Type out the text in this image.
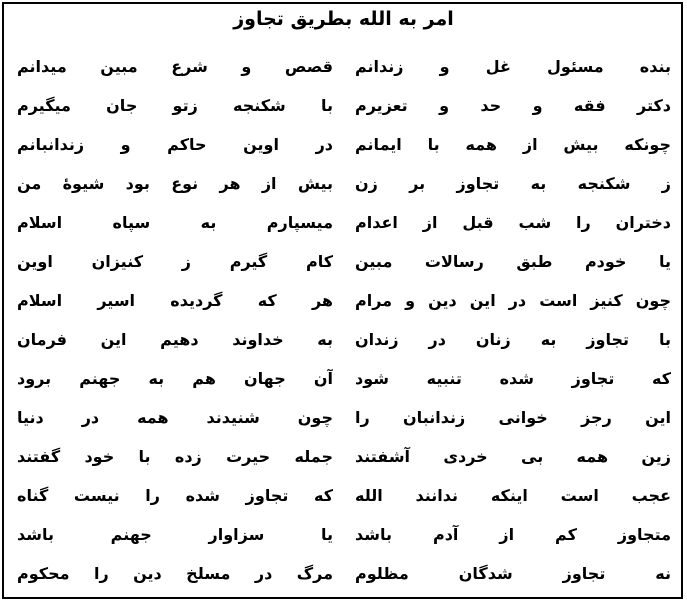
امر به الله بطریق تجاوز
بنده مسئول غل و زندانم
قصص و شرع مبین میدانم
دکتر فقه و حد و تعزیرم
با شکنجه زتو جان میگیرم
چونکه بیش از همه با ایمانم
در اوین حاکم و زندانبانم
ز شکنجه به تجاوز بر زن
بیش از هر نوع بود شیوهٔ من
دختران را شب قبل از اعدام
میسپارم به سپاه اسلام
یا خودم طبق رسالات مبین
کام گیرم ز کنیزان اوین
چون کنیز است در این دین و مرام
هر که گردیده اسیر اسلام
با تجاوز به زنان در زندان
به خداوند دهیم این فرمان
که تجاوز شده تنبیه شود
آن جهان هم به جهنم برود
این رجز خوانی زندانبان را
چون شنیدند همه در دنیا
زین همه بی خردی آشفتند
جمله حیرت زده با خود گفتند
عجب است اینکه ندانند الله
که تجاوز شده را نیست گناه
متجاوز کم از آدم باشد
یا سزاوار جهنم باشد
نه تجاوز شدگان مظلوم
مرگ در مسلخ دین را محکوم
